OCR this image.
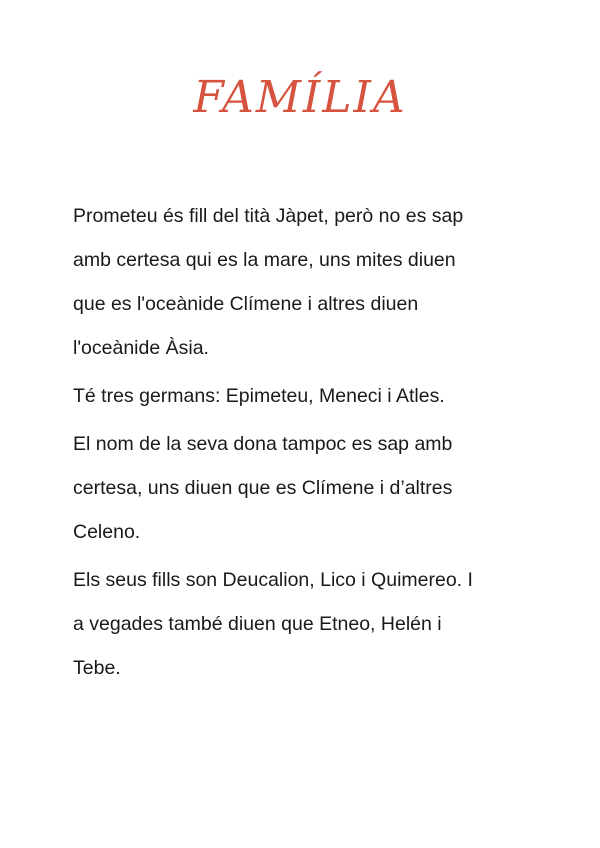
FAMÍLIA

Prometeu és fill del tità Jàpet, però no es sap
amb certesa qui es la mare, uns mites diuen
que es l'oceànide Clímene i altres diuen
l'oceànide Àsia.

Té tres germans: Epimeteu, Meneci i Atles.

El nom de la seva dona tampoc es sap amb
certesa, uns diuen que es Clímene i d’altres
Celeno.

Els seus fills son Deucalion, Lico i Quimereo. I
a vegades també diuen que Etneo, Helén i
Tebe.
